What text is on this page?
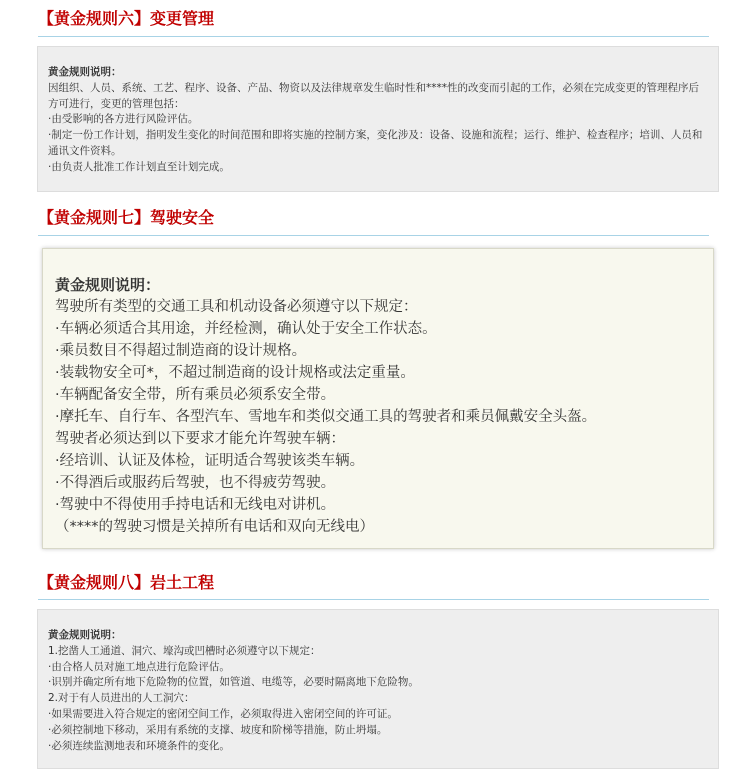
【黄金规则六】变更管理
黄金规则说明：
因组织、人员、系统、工艺、程序、设备、产品、物资以及法律规章发生临时性和****性的改变而引起的工作，必须在完成变更的管理程序后方可进行，变更的管理包括：
·由受影响的各方进行风险评估。
·制定一份工作计划，指明发生变化的时间范围和即将实施的控制方案，变化涉及：设备、设施和流程；运行、维护、检查程序；培训、人员和通讯文件资料。
·由负责人批准工作计划直至计划完成。
【黄金规则七】驾驶安全
黄金规则说明：
驾驶所有类型的交通工具和机动设备必须遵守以下规定：
·车辆必须适合其用途，并经检测，确认处于安全工作状态。
·乘员数目不得超过制造商的设计规格。
·装载物安全可*，不超过制造商的设计规格或法定重量。
·车辆配备安全带，所有乘员必须系安全带。
·摩托车、自行车、各型汽车、雪地车和类似交通工具的驾驶者和乘员佩戴安全头盔。
驾驶者必须达到以下要求才能允许驾驶车辆：
·经培训、认证及体检，证明适合驾驶该类车辆。
·不得酒后或服药后驾驶，也不得疲劳驾驶。
·驾驶中不得使用手持电话和无线电对讲机。
（****的驾驶习惯是关掉所有电话和双向无线电）
【黄金规则八】岩土工程
黄金规则说明：
1.挖凿人工通道、洞穴、壕沟或凹槽时必须遵守以下规定：
·由合格人员对施工地点进行危险评估。
·识别并确定所有地下危险物的位置，如管道、电缆等，必要时隔离地下危险物。
2.对于有人员进出的人工洞穴：
·如果需要进入符合规定的密闭空间工作，必须取得进入密闭空间的许可证。
·必须控制地下移动，采用有系统的支撑、坡度和阶梯等措施，防止坍塌。
·必须连续监测地表和环境条件的变化。
